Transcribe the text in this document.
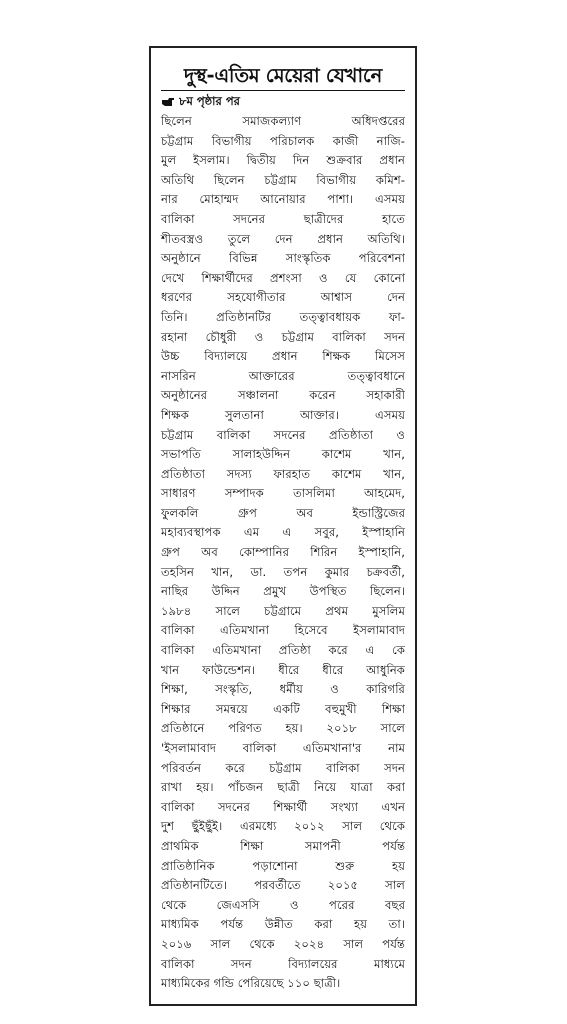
দুস্থ-এতিম মেয়েরা যেখানে
৮ম পৃষ্ঠার পর
ছিলেন সমাজকল্যাণ অধিদপ্তরের
চট্টগ্রাম বিভাগীয় পরিচালক কাজী নাজি-
মুল ইসলাম। দ্বিতীয় দিন শুক্রবার প্রধান
অতিথি ছিলেন চট্টগ্রাম বিভাগীয় কমিশ-
নার মোহাম্মদ আনোয়ার পাশা। এসময়
বালিকা সদনের ছাত্রীদের হাতে
শীতবস্ত্রও তুলে দেন প্রধান অতিথি।
অনুষ্ঠানে বিভিন্ন সাংস্কৃতিক পরিবেশনা
দেখে শিক্ষার্থীদের প্রশংসা ও যে কোনো
ধরণের সহযোগীতার আশ্বাস দেন
তিনি। প্রতিষ্ঠানটির তত্ত্বাবধায়ক ফা-
রহানা চৌধুরী ও চট্টগ্রাম বালিকা সদন
উচ্চ বিদ্যালয়ে প্রধান শিক্ষক মিসেস
নাসরিন আক্তারের তত্ত্বাবধানে
অনুষ্ঠানের সঞ্চালনা করেন সহাকারী
শিক্ষক সুলতানা আক্তার। এসময়
চট্টগ্রাম বালিকা সদনের প্রতিষ্ঠাতা ও
সভাপতি সালাহউদ্দিন কাশেম খান,
প্রতিষ্ঠাতা সদস্য ফারহাত কাশেম খান,
সাধারণ সম্পাদক তাসলিমা আহমেদ,
ফুলকলি গ্রুপ অব ইন্ডাস্ট্রিজের
মহাব্যবস্থাপক এম এ সবুর, ইস্পাহানি
গ্রুপ অব কোম্পানির শিরিন ইস্পাহানি,
তহসিন খান, ডা. তপন কুমার চক্রবর্তী,
নাছির উদ্দিন প্রমুখ উপস্থিত ছিলেন।
১৯৮৪ সালে চট্টগ্রামে প্রথম মুসলিম
বালিকা এতিমখানা হিসেবে ইসলামাবাদ
বালিকা এতিমখানা প্রতিষ্ঠা করে এ কে
খান ফাউন্ডেশন। ধীরে ধীরে আধুনিক
শিক্ষা, সংস্কৃতি, ধর্মীয় ও কারিগরি
শিক্ষার সমন্বয়ে একটি বহুমুখী শিক্ষা
প্রতিষ্ঠানে পরিণত হয়। ২০১৮ সালে
'ইসলামাবাদ বালিকা এতিমখানা'র নাম
পরিবর্তন করে চট্টগ্রাম বালিকা সদন
রাখা হয়। পাঁচজন ছাত্রী নিয়ে যাত্রা করা
বালিকা সদনের শিক্ষার্থী সংখ্যা এখন
দুশ ছুঁইছুঁই। এরমধ্যে ২০১২ সাল থেকে
প্রাথমিক শিক্ষা সমাপনী পর্যন্ত
প্রাতিষ্ঠানিক পড়াশোনা শুরু হয়
প্রতিষ্ঠানটিতে। পরবর্তীতে ২০১৫ সাল
থেকে জেএসসি ও পরের বছর
মাধ্যমিক পর্যন্ত উন্নীত করা হয় তা।
২০১৬ সাল থেকে ২০২৪ সাল পর্যন্ত
বালিকা সদন বিদ্যালয়ের মাধ্যমে
মাধ্যমিকের গন্ডি পেরিয়েছে ১১০ ছাত্রী।
